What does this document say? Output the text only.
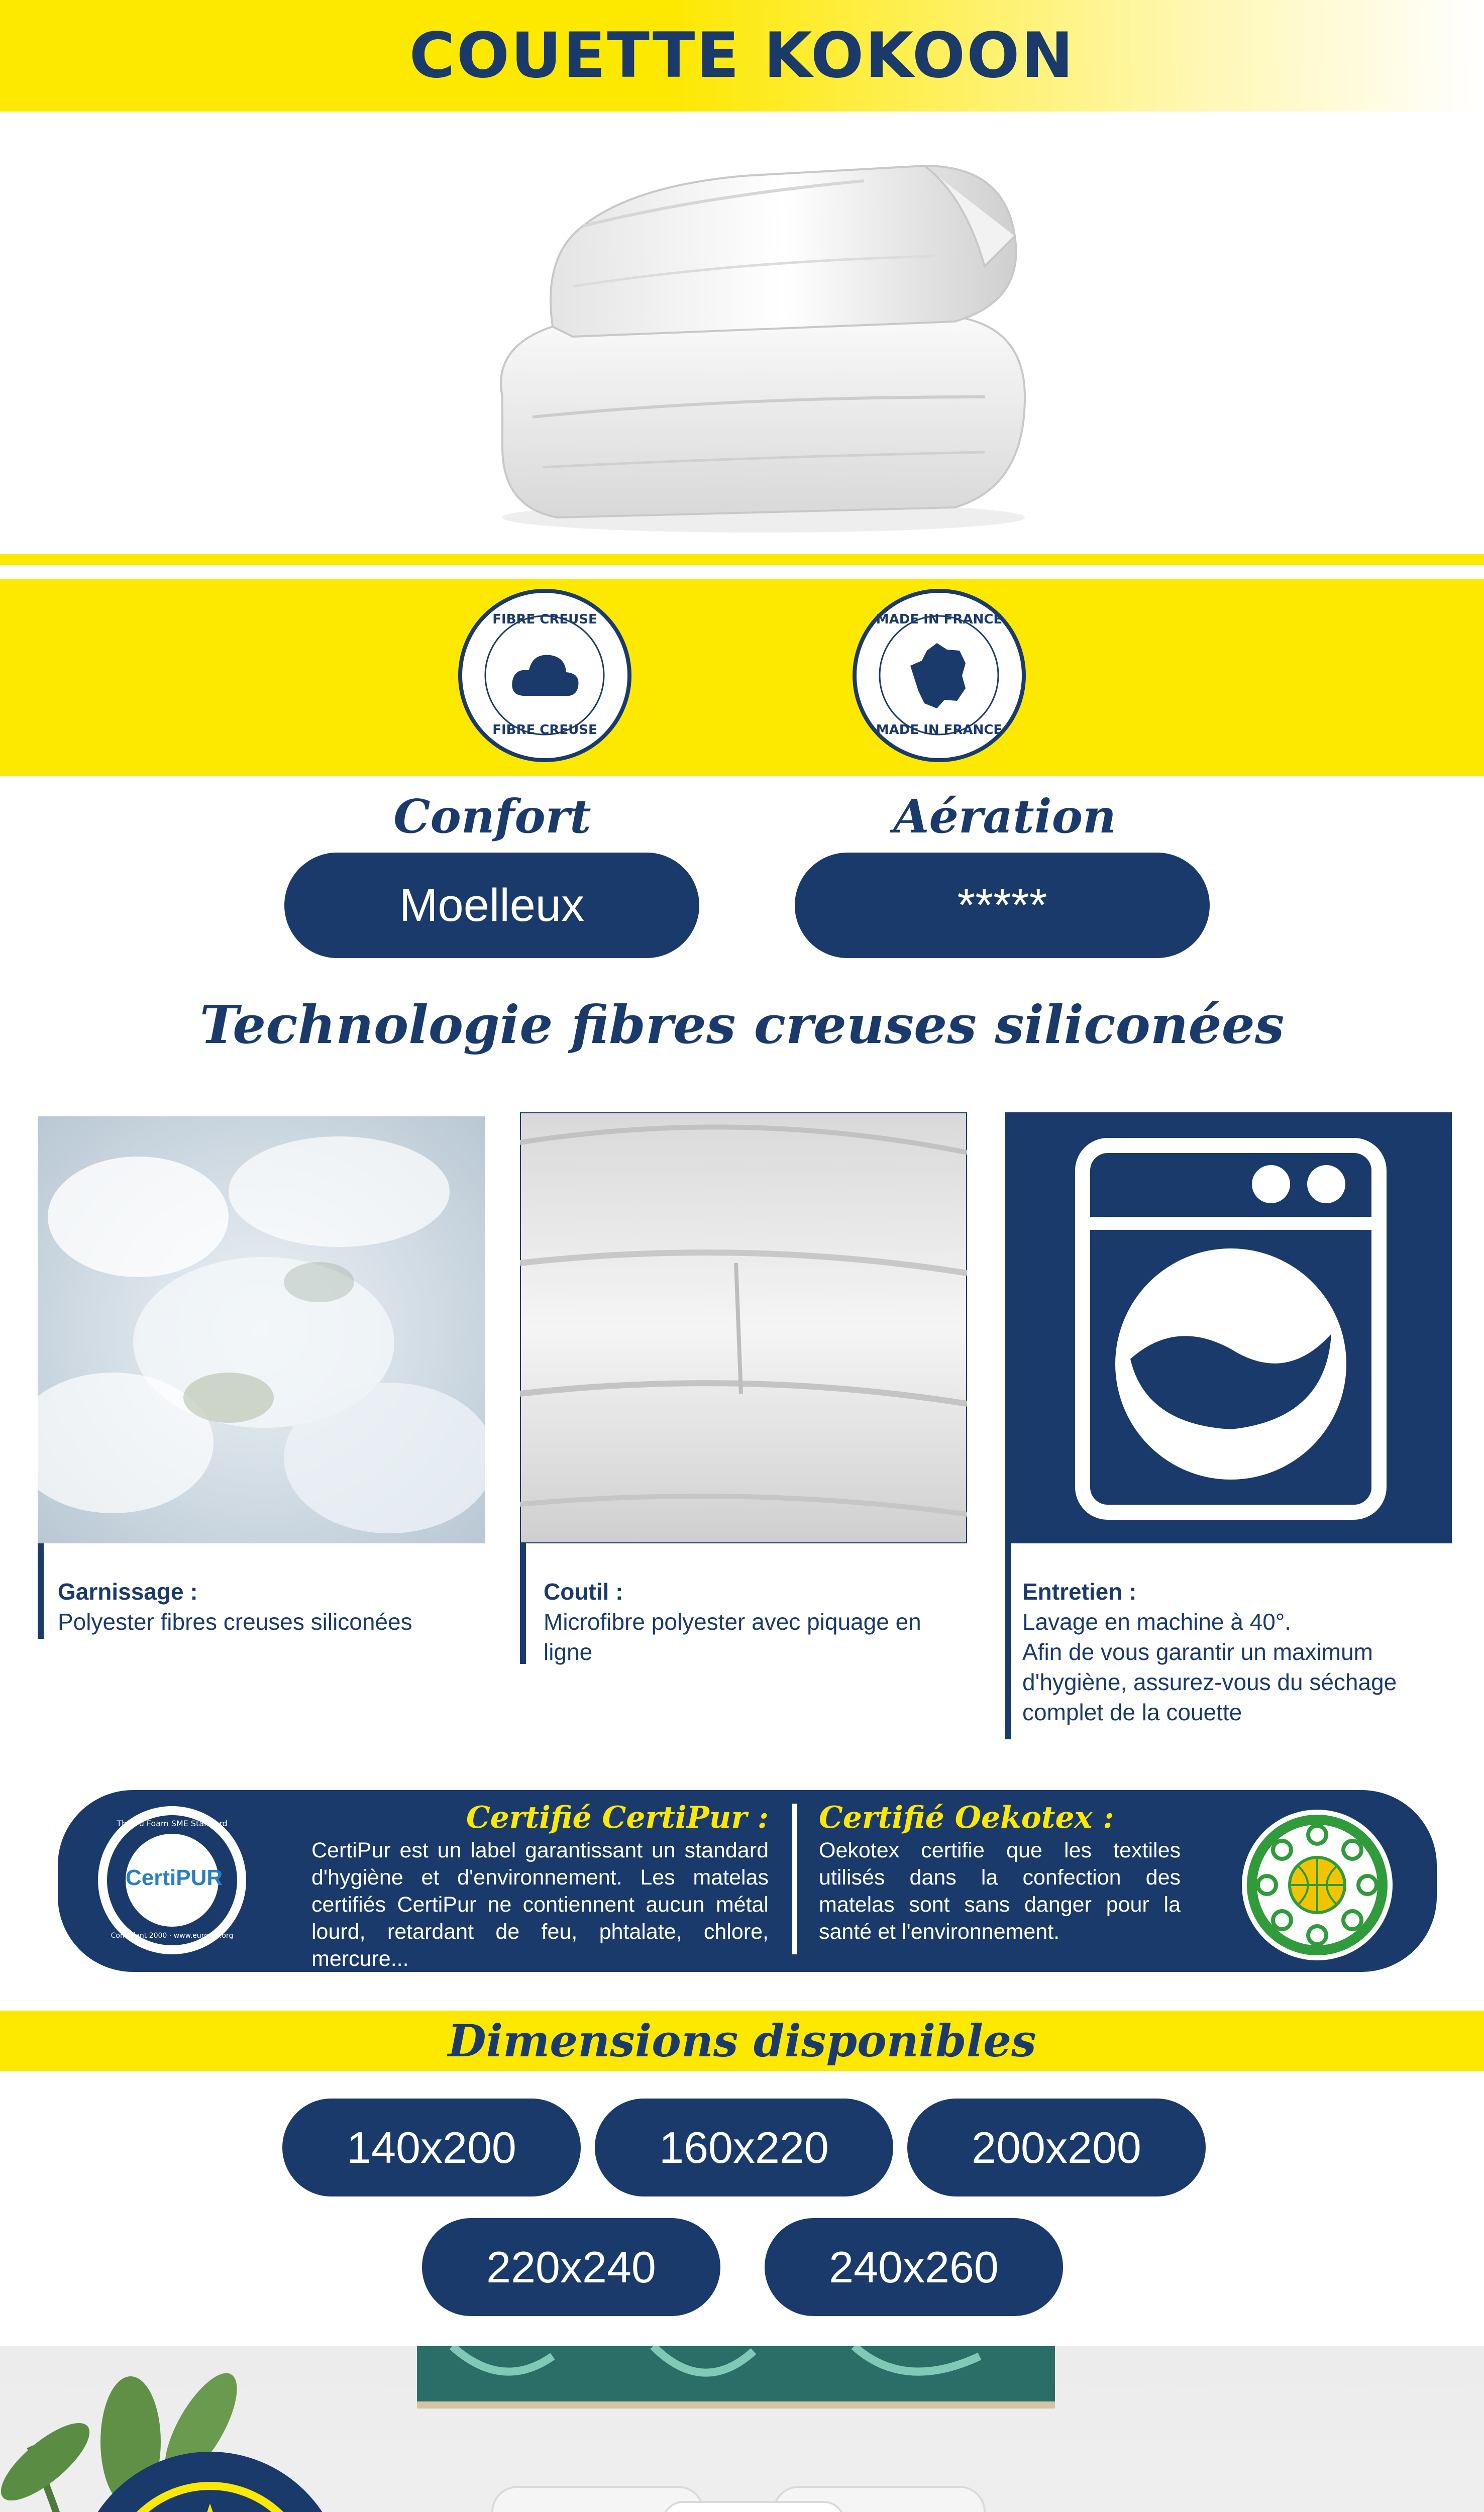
COUETTE KOKOON
FIBRE CREUSE
FIBRE CREUSE
MADE IN FRANCE
MADE IN FRANCE
Confort	Aération
Moelleux	*****
Technologie fibres creuses siliconées
Garnissage :
Polyester fibres creuses siliconées
Coutil :
Microfibre polyester avec piquage en ligne
Entretien :
Lavage en machine à 40°.
Afin de vous garantir un maximum d'hygiène, assurez-vous du séchage complet de la couette
CertiPUR
The Pu Foam SME Standard
Compliant 2000 · www.europur.org
Certifié CertiPur :
CertiPur est un label garantissant un standard d'hygiène et d'environnement. Les matelas certifiés CertiPur ne contiennent aucun métal lourd, retardant de feu, phtalate, chlore, mercure...
Certifié Oekotex :
Oekotex certifie que les textiles utilisés dans la confection des matelas sont sans danger pour la santé et l'environnement.
Dimensions disponibles
140x200	160x220	200x200
220x240	240x260
